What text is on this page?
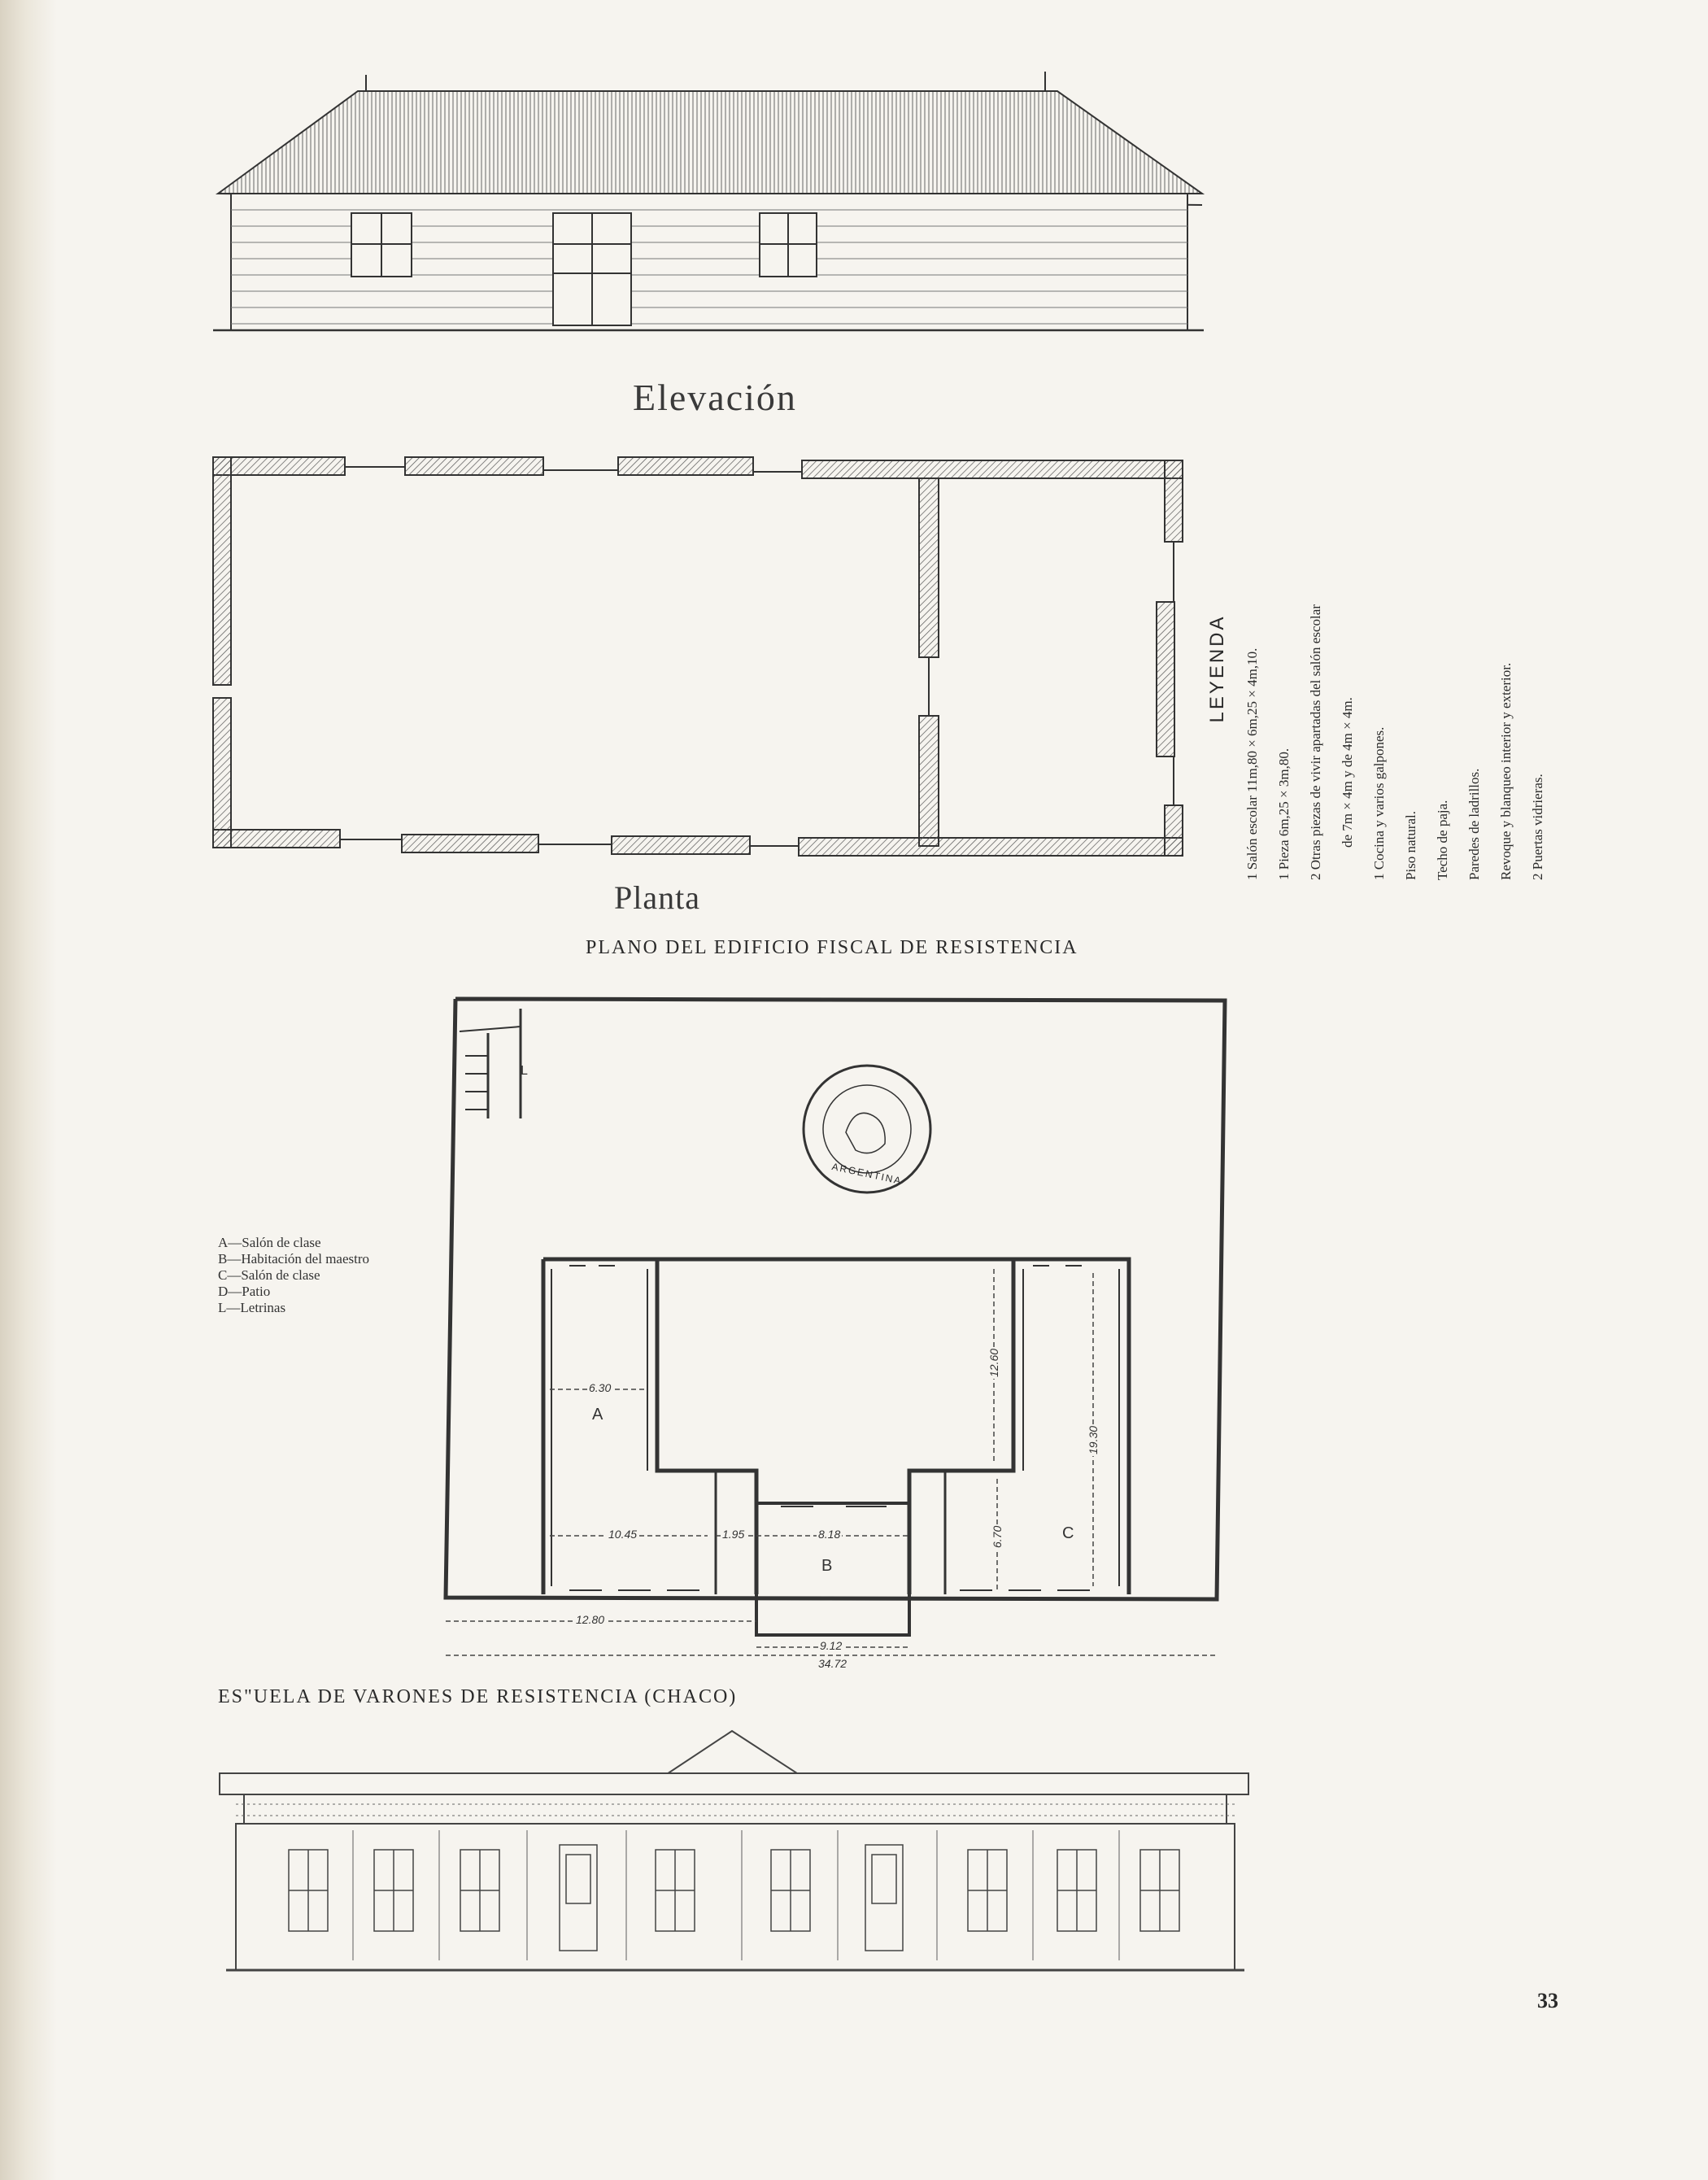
Elevación
Planta
PLANO DEL EDIFICIO FISCAL DE RESISTENCIA
ES"UELA DE VARONES DE RESISTENCIA (CHACO)
LEYENDA	1 Salón escolar 11m,80 × 6m,25 × 4m,10.	1 Pieza 6m,25 × 3m,80.	2 Otras piezas de vivir apartadas del salón escolar	de 7m × 4m y de 4m × 4m.	1 Cocina y varios galpones.	Piso natural.	Techo de paja.	Paredes de ladrillos.	Revoque y blanqueo interior y exterior.	2 Puertas vidrieras.
A—Salón de clase
B—Habitación del maestro
C—Salón de clase
D—Patio
L—Letrinas
A
B
C
L
6.30
12.60
19.30
10.45	1.95	8.18	6.70
12.80
9.12
34.72
ARGENTINA
33
